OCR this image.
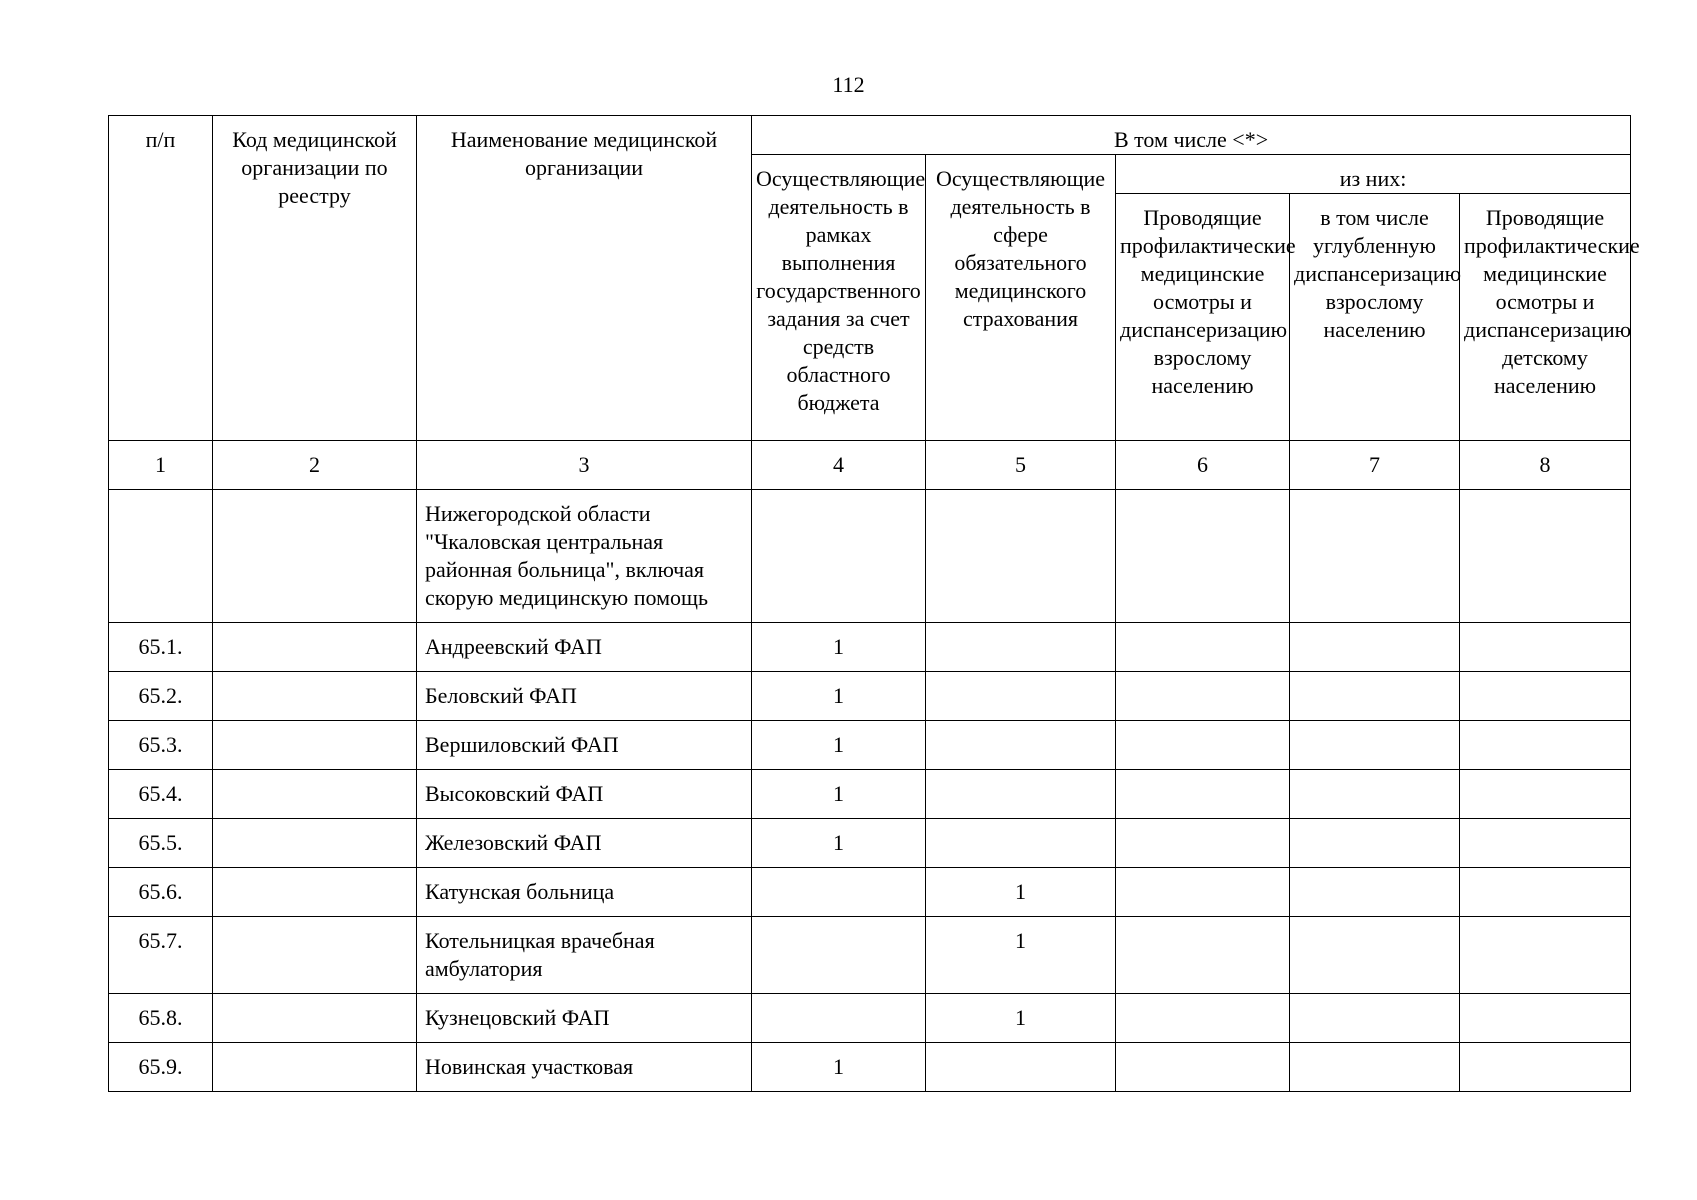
112
п/п	Код медицинской организации по реестру	Наименование медицинской организации	В том числе <*>				
			Осуществляющие деятельность в рамках выполнения государственного задания за счет средств областного бюджета	Осуществляющие деятельность в сфере обязательного медицинского страхования	из них:		
					Проводящие профилактические медицинские осмотры и диспансеризацию взрослому населению	в том числе углубленную диспансеризацию взрослому населению	Проводящие профилактические медицинские осмотры и диспансеризацию детскому населению
1	2	3	4	5	6	7	8
		Нижегородской области "Чкаловская центральная районная больница", включая скорую медицинскую помощь					
65.1.		Андреевский ФАП	1				
65.2.		Беловский ФАП	1				
65.3.		Вершиловский ФАП	1				
65.4.		Высоковский ФАП	1				
65.5.		Железовский ФАП	1				
65.6.		Катунская больница		1			
65.7.		Котельницкая врачебная амбулатория		1			
65.8.		Кузнецовский ФАП		1			
65.9.		Новинская участковая	1				
